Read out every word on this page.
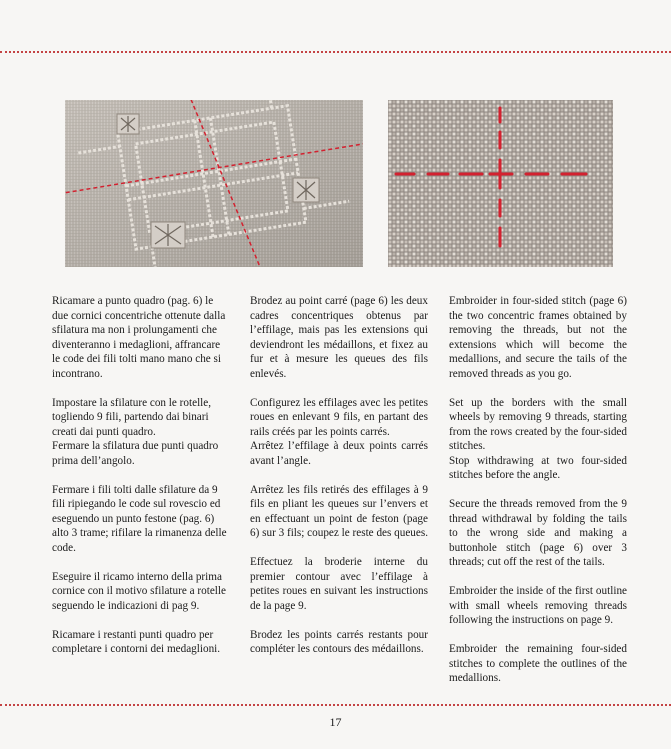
Ricamare a punto quadro (pag. 6) le due cornici concentriche ottenute dalla sfilatura ma non i prolungamenti che diventeranno i medaglioni, affrancare le code dei fili tolti mano mano che si incontrano.

Impostare la sfilature con le rotelle, togliendo 9 fili, partendo dai binari creati dai punti quadro.
Fermare la sfilatura due punti quadro prima dell’angolo.

Fermare i fili tolti dalle sfilature da 9 fili ripiegando le code sul rovescio ed eseguendo un punto festone (pag. 6) alto 3 trame; rifilare la rimanenza delle code.

Eseguire il ricamo interno della prima cornice con il motivo sfilature a rotelle seguendo le indicazioni di pag 9.

Ricamare i restanti punti quadro per completare i contorni dei medaglioni.

Brodez au point carré (page 6) les deux cadres concentriques obtenus par l’effilage, mais pas les extensions qui deviendront les médaillons, et fixez au fur et à mesure les queues des fils enlevés.

Configurez les effilages avec les petites roues en enlevant 9 fils, en partant des rails créés par les points carrés.
Arrêtez l’effilage à deux points carrés avant l’angle.

Arrêtez les fils retirés des effilages à 9 fils en pliant les queues sur l’envers et en effectuant un point de feston (page 6) sur 3 fils; coupez le reste des queues.

Effectuez la broderie interne du premier contour avec l’effilage à petites roues en suivant les instructions de la page 9.

Brodez les points carrés restants pour compléter les contours des médaillons.

Embroider in four-sided stitch (page 6) the two concentric frames obtained by removing the threads, but not the extensions which will become the medallions, and secure the tails of the removed threads as you go.

Set up the borders with the small wheels by removing 9 threads, starting from the rows created by the four-sided stitches.
Stop withdrawing at two four-sided stitches before the angle.

Secure the threads removed from the 9 thread withdrawal by folding the tails to the wrong side and making a buttonhole stitch (page 6) over 3 threads; cut off the rest of the tails.

Embroider the inside of the first outline with small wheels removing threads following the instructions on page 9.

Embroider the remaining four-sided stitches to complete the outlines of the medallions.

17
